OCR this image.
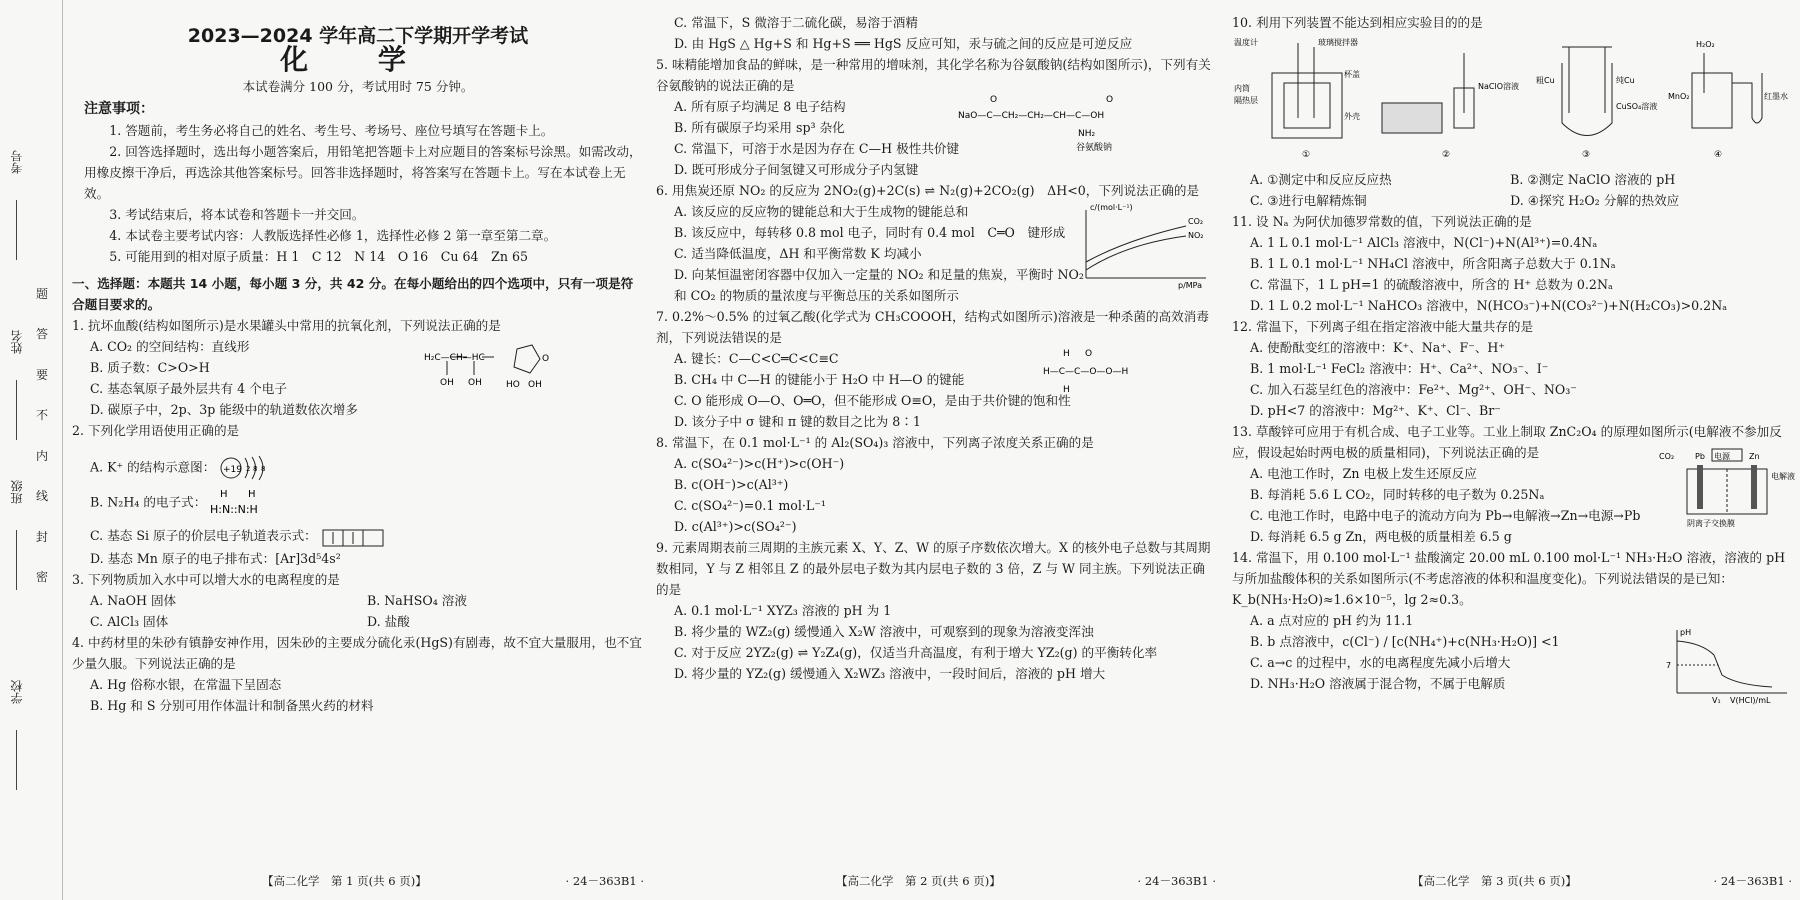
考号
姓名
班级
学校
题
答
要
不
内
线
封
密
2023—2024 学年高二下学期开学考试
化 学
本试卷满分 100 分，考试用时 75 分钟。
注意事项：

1. 答题前，考生务必将自己的姓名、考生号、考场号、座位号填写在答题卡上。

2. 回答选择题时，选出每小题答案后，用铅笔把答题卡上对应题目的答案标号涂黑。如需改动，用橡皮擦干净后，再选涂其他答案标号。回答非选择题时，将答案写在答题卡上。写在本试卷上无效。

3. 考试结束后，将本试卷和答题卡一并交回。

4. 本试卷主要考试内容：人教版选择性必修 1，选择性必修 2 第一章至第二章。

5. 可能用到的相对原子质量：H 1　C 12　N 14　O 16　Cu 64　Zn 65

一、选择题：本题共 14 小题，每小题 3 分，共 42 分。在每小题给出的四个选项中，只有一项是符合题目要求的。

1. 抗坏血酸(结构如图所示)是水果罐头中常用的抗氧化剂，下列说法正确的是

A. CO₂ 的空间结构：直线形

B. 质子数：C>O>H

C. 基态氧原子最外层共有 4 个电子

D. 碳原子中，2p、3p 能级中的轨道数依次增多

H₂C—CH—HC
OH OH
O
HO OH

2. 下列化学用语使用正确的是

A. K⁺ 的结构示意图： +19 2 8 8

B. N₂H₄ 的电子式： H H
H:N::N:H

C. 基态 Si 原子的价层电子轨道表示式：

D. 基态 Mn 原子的电子排布式：[Ar]3d⁵4s²

3. 下列物质加入水中可以增大水的电离程度的是

A. NaOH 固体	B. NaHSO₄ 溶液
C. AlCl₃ 固体	D. 盐酸

4. 中药材里的朱砂有镇静安神作用，因朱砂的主要成分硫化汞(HgS)有剧毒，故不宜大量服用，也不宜少量久服。下列说法正确的是

A. Hg 俗称水银，在常温下呈固态

B. Hg 和 S 分别可用作体温计和制备黑火药的材料

【高二化学　第 1 页(共 6 页)】	· 24－363B1 ·

C. 常温下，S 微溶于二硫化碳，易溶于酒精

D. 由 HgS △ Hg+S 和 Hg+S ══ HgS 反应可知，汞与硫之间的反应是可逆反应

5. 味精能增加食品的鲜味，是一种常用的增味剂，其化学名称为谷氨酸钠(结构如图所示)，下列有关谷氨酸钠的说法正确的是

A. 所有原子均满足 8 电子结构

B. 所有碳原子均采用 sp³ 杂化

C. 常温下，可溶于水是因为存在 C—H 极性共价键

D. 既可形成分子间氢键又可形成分子内氢键

NaO—C—CH₂—CH₂—CH—C—OH
O	O
NH₂
谷氨酸钠

6. 用焦炭还原 NO₂ 的反应为 2NO₂(g)+2C(s) ⇌ N₂(g)+2CO₂(g)　ΔH<0，下列说法正确的是

A. 该反应的反应物的键能总和大于生成物的键能总和

B. 该反应中，每转移 0.8 mol 电子，同时有 0.4 mol　C═O　键形成

C. 适当降低温度，ΔH 和平衡常数 K 均减小

D. 向某恒温密闭容器中仅加入一定量的 NO₂ 和足量的焦炭，平衡时 NO₂ 和 CO₂ 的物质的量浓度与平衡总压的关系如图所示

c/(mol·L⁻¹)
CO₂
NO₂
p/MPa

7. 0.2%～0.5% 的过氧乙酸(化学式为 CH₃COOOH，结构式如图所示)溶液是一种杀菌的高效消毒剂，下列说法错误的是

A. 键长：C—C<C═C<C≡C

B. CH₄ 中 C—H 的键能小于 H₂O 中 H—O 的键能

C. O 能形成 O—O、O═O，但不能形成 O≡O，是由于共价键的饱和性

D. 该分子中 σ 键和 π 键的数目之比为 8∶1

H O
H—C—C—O—O—H
H

8. 常温下，在 0.1 mol·L⁻¹ 的 Al₂(SO₄)₃ 溶液中，下列离子浓度关系正确的是

A. c(SO₄²⁻)>c(H⁺)>c(OH⁻)

B. c(OH⁻)>c(Al³⁺)

C. c(SO₄²⁻)=0.1 mol·L⁻¹

D. c(Al³⁺)>c(SO₄²⁻)

9. 元素周期表前三周期的主族元素 X、Y、Z、W 的原子序数依次增大。X 的核外电子总数与其周期数相同，Y 与 Z 相邻且 Z 的最外层电子数为其内层电子数的 3 倍，Z 与 W 同主族。下列说法正确的是

A. 0.1 mol·L⁻¹ XYZ₃ 溶液的 pH 为 1

B. 将少量的 WZ₂(g) 缓慢通入 X₂W 溶液中，可观察到的现象为溶液变浑浊

C. 对于反应 2YZ₂(g) ⇌ Y₂Z₄(g)，仅适当升高温度，有利于增大 YZ₂(g) 的平衡转化率

D. 将少量的 YZ₂(g) 缓慢通入 X₂WZ₃ 溶液中，一段时间后，溶液的 pH 增大

【高二化学　第 2 页(共 6 页)】	· 24－363B1 ·

10. 利用下列装置不能达到相应实验目的的是

温度计	玻璃搅拌器
杯盖
内筒
隔热层
外壳
①
NaClO溶液
②
粗Cu	纯Cu
CuSO₄溶液
③
MnO₂
H₂O₂
红墨水
④
A. ①测定中和反应反应热	B. ②测定 NaClO 溶液的 pH
C. ③进行电解精炼铜	D. ④探究 H₂O₂ 分解的热效应

11. 设 Nₐ 为阿伏加德罗常数的值，下列说法正确的是

A. 1 L 0.1 mol·L⁻¹ AlCl₃ 溶液中，N(Cl⁻)+N(Al³⁺)=0.4Nₐ

B. 1 L 0.1 mol·L⁻¹ NH₄Cl 溶液中，所含阳离子总数大于 0.1Nₐ

C. 常温下，1 L pH=1 的硫酸溶液中，所含的 H⁺ 总数为 0.2Nₐ

D. 1 L 0.2 mol·L⁻¹ NaHCO₃ 溶液中，N(HCO₃⁻)+N(CO₃²⁻)+N(H₂CO₃)>0.2Nₐ

12. 常温下，下列离子组在指定溶液中能大量共存的是

A. 使酚酞变红的溶液中：K⁺、Na⁺、F⁻、H⁺

B. 1 mol·L⁻¹ FeCl₂ 溶液中：H⁺、Ca²⁺、NO₃⁻、I⁻

C. 加入石蕊呈红色的溶液中：Fe²⁺、Mg²⁺、OH⁻、NO₃⁻

D. pH<7 的溶液中：Mg²⁺、K⁺、Cl⁻、Br⁻

13. 草酸锌可应用于有机合成、电子工业等。工业上制取 ZnC₂O₄ 的原理如图所示(电解液不参加反应，假设起始时两电极的质量相同)，下列说法正确的是

A. 电池工作时，Zn 电极上发生还原反应

B. 每消耗 5.6 L CO₂，同时转移的电子数为 0.25Nₐ

C. 电池工作时，电路中电子的流动方向为 Pb→电解液→Zn→电源→Pb

D. 每消耗 6.5 g Zn，两电极的质量相差 6.5 g

电源
CO₂	Pb	Zn
电解液
阴离子交换膜

14. 常温下，用 0.100 mol·L⁻¹ 盐酸滴定 20.00 mL 0.100 mol·L⁻¹ NH₃·H₂O 溶液，溶液的 pH 与所加盐酸体积的关系如图所示(不考虑溶液的体积和温度变化)。下列说法错误的是已知：K_b(NH₃·H₂O)≈1.6×10⁻⁵，lg 2≈0.3。

A. a 点对应的 pH 约为 11.1

B. b 点溶液中，c(Cl⁻) / [c(NH₄⁺)+c(NH₃·H₂O)] <1

C. a→c 的过程中，水的电离程度先减小后增大

D. NH₃·H₂O 溶液属于混合物，不属于电解质

pH
7
V₁ V(HCl)/mL
【高二化学　第 3 页(共 6 页)】	· 24－363B1 ·
